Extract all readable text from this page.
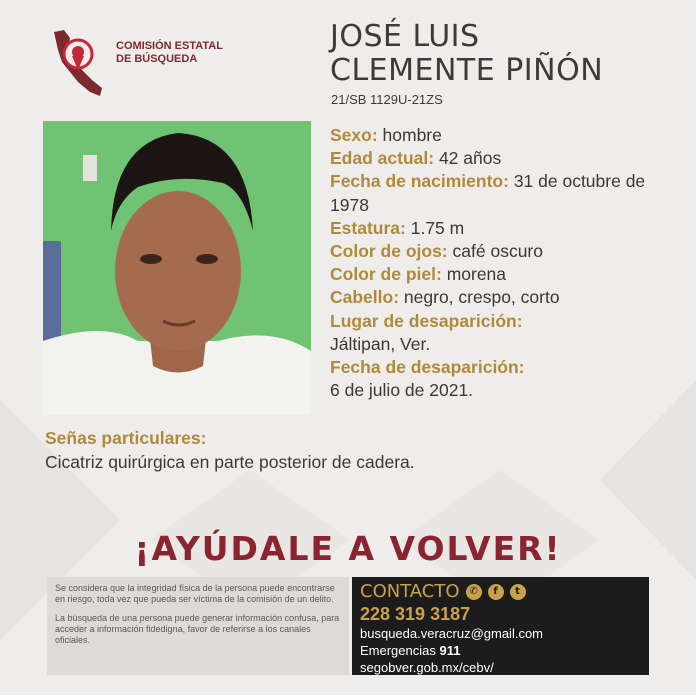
COMISIÓN ESTATAL
DE BÚSQUEDA
JOSÉ LUIS
CLEMENTE PIÑÓN
21/SB 1129U-21ZS

Sexo: hombre

Edad actual: 42 años

Fecha de nacimiento: 31 de octubre de 1978

Estatura: 1.75 m

Color de ojos: café oscuro

Color de piel: morena

Cabello: negro, crespo, corto

Lugar de desaparición:

Jáltipan, Ver.

Fecha de desaparición:

6 de julio de 2021.

Señas particulares:
Cicatriz quirúrgica en parte posterior de cadera.
¡AYÚDALE A VOLVER!

Se considera que la integridad física de la persona puede encontrarse en riesgo, toda vez que pueda ser víctima de la comisión de un delito.

La búsqueda de una persona puede generar información confusa, para acceder a información fidedigna, favor de referirse a los canales oficiales.

CONTACTO ✆	f	t
228 319 3187
busqueda.veracruz@gmail.com
Emergencias 911
segobver.gob.mx/cebv/
